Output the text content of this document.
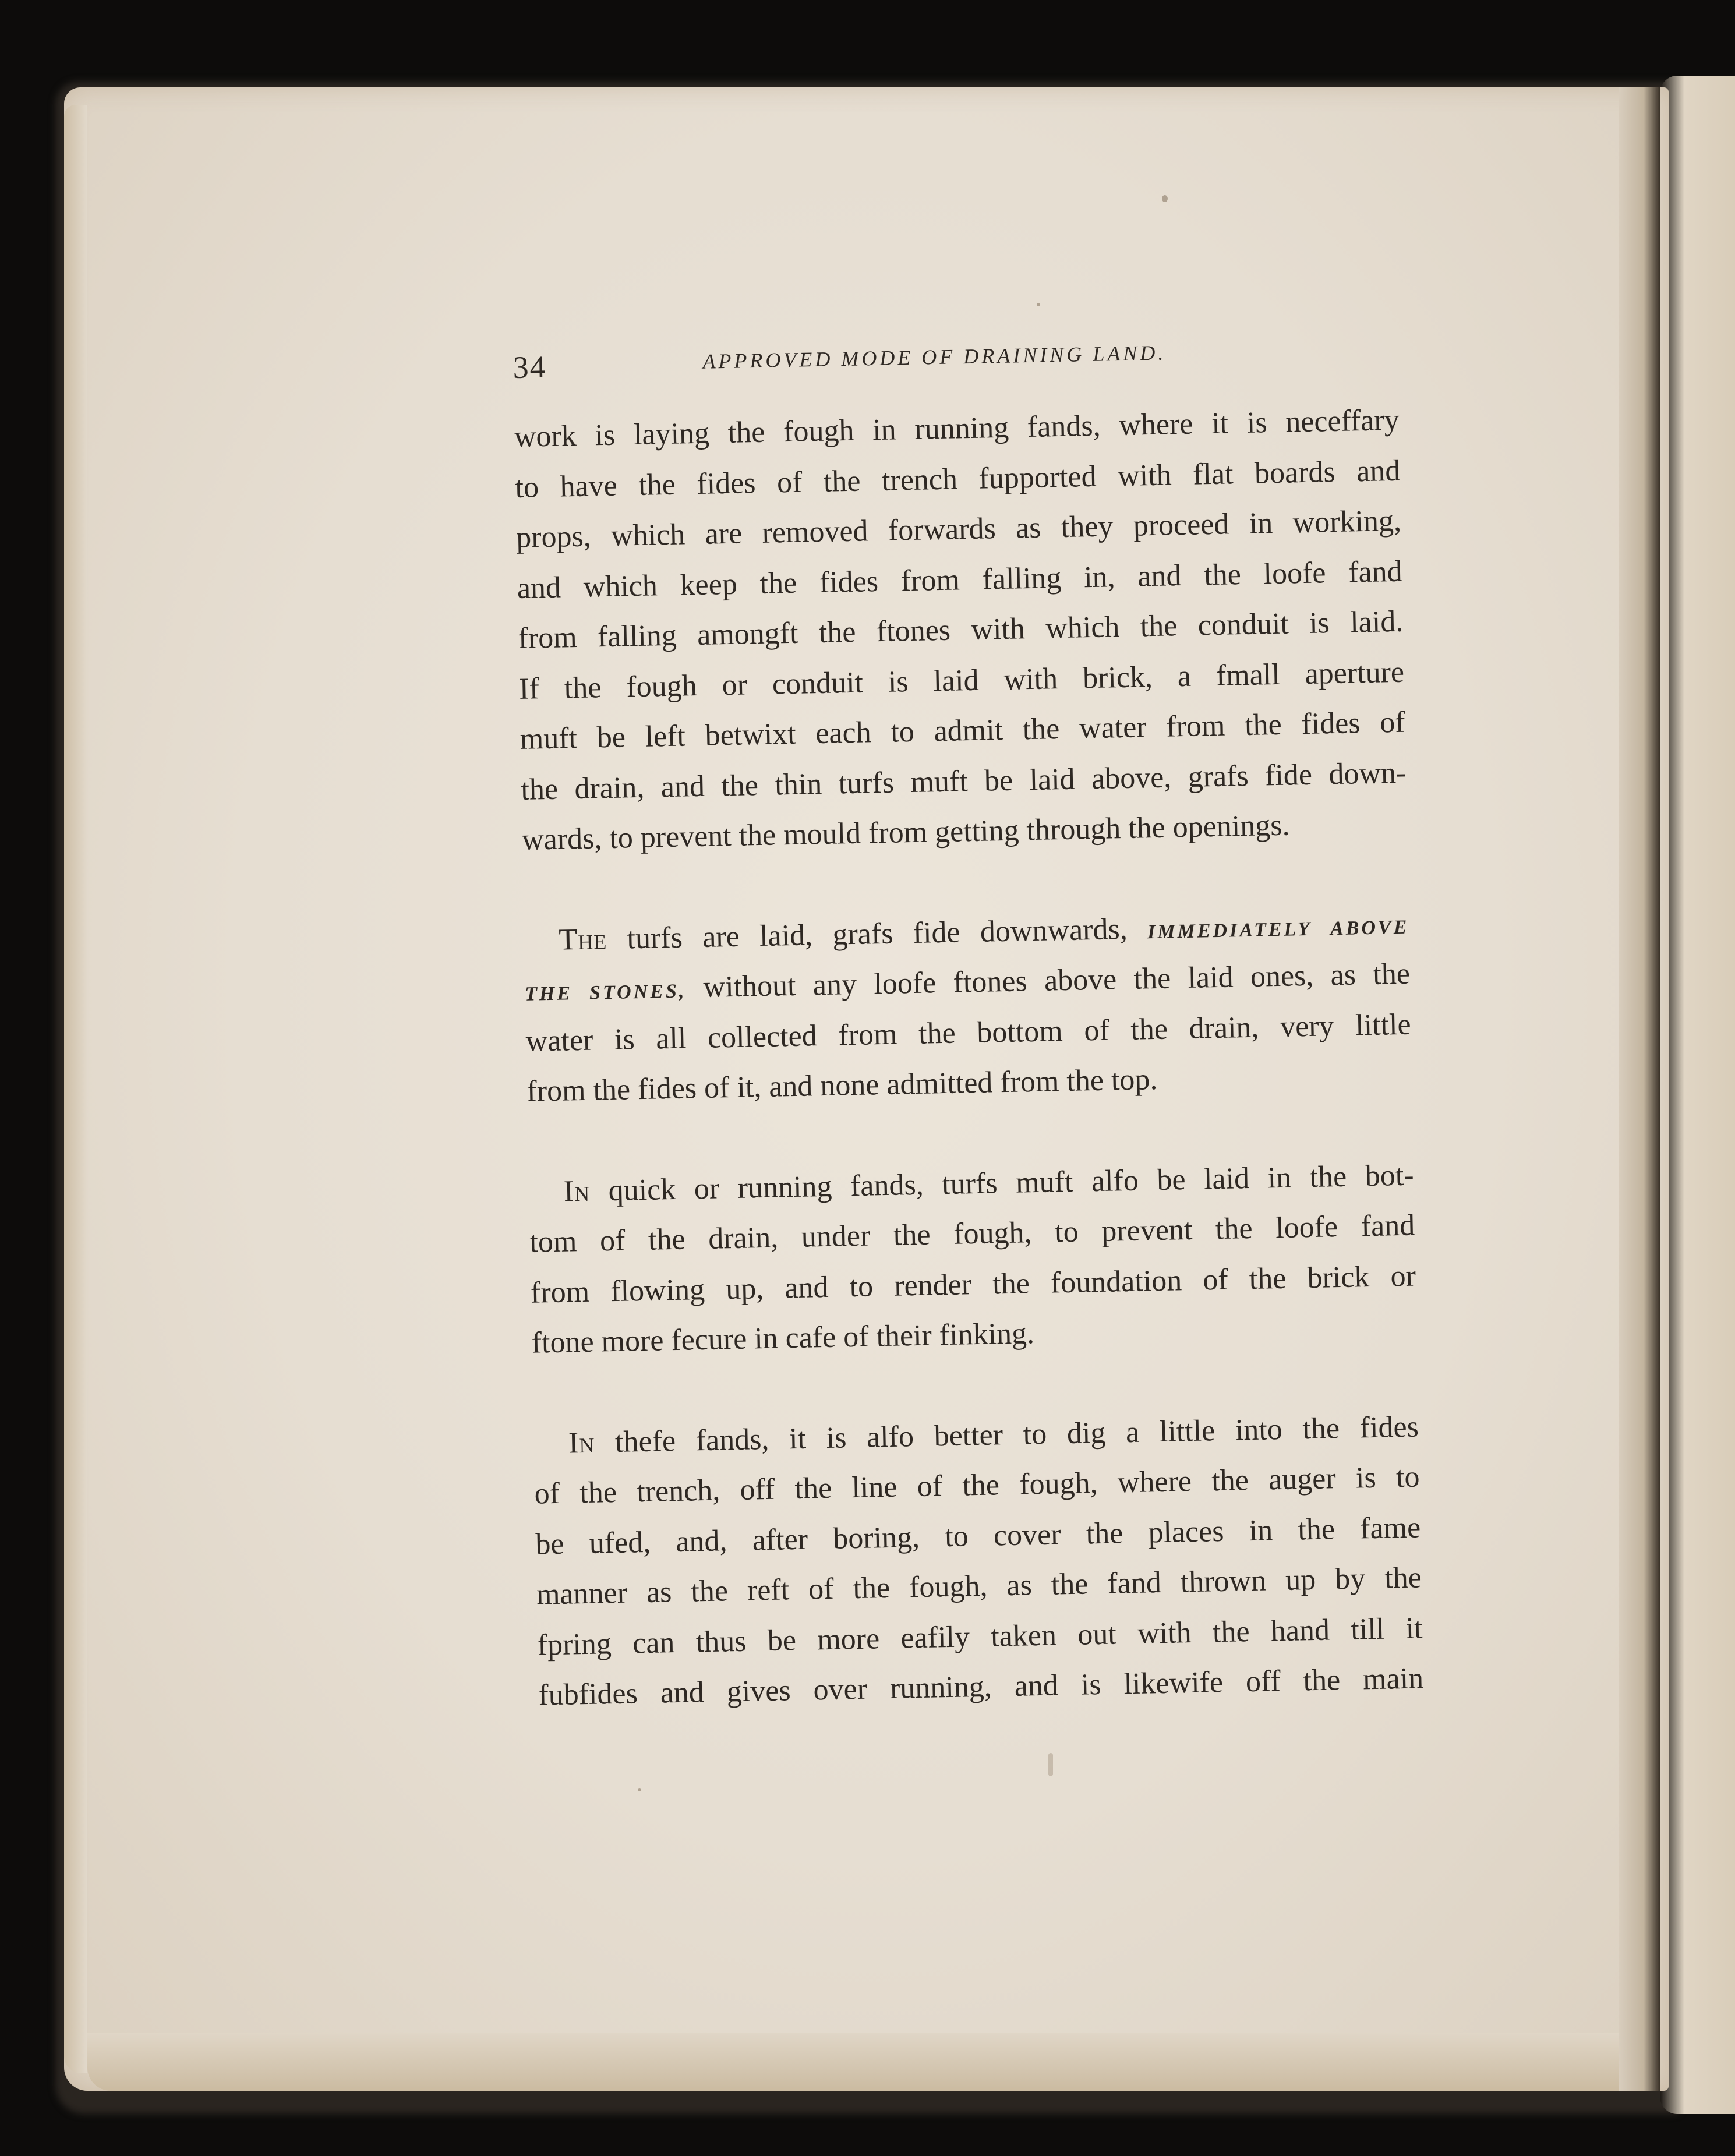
34	APPROVED MODE OF DRAINING LAND.
work is laying the fough in running fands, where it is neceffary
to have the fides of the trench fupported with flat boards and
props, which are removed forwards as they proceed in working,
and which keep the fides from falling in, and the loofe fand
from falling amongft the ftones with which the conduit is laid.
If the fough or conduit is laid with brick, a fmall aperture
muft be left betwixt each to admit the water from the fides of
the drain, and the thin turfs muft be laid above, grafs fide down-
wards, to prevent the mould from getting through the openings.
The turfs are laid, grafs fide downwards, IMMEDIATELY ABOVE
THE STONES, without any loofe ftones above the laid ones, as the
water is all collected from the bottom of the drain, very little
from the fides of it, and none admitted from the top.
In quick or running fands, turfs muft alfo be laid in the bot-
tom of the drain, under the fough, to prevent the loofe fand
from flowing up, and to render the foundation of the brick or
ftone more fecure in cafe of their finking.
In thefe fands, it is alfo better to dig a little into the fides
of the trench, off the line of the fough, where the auger is to
be ufed, and, after boring, to cover the places in the fame
manner as the reft of the fough, as the fand thrown up by the
fpring can thus be more eafily taken out with the hand till it
fubfides and gives over running, and is likewife off the main
